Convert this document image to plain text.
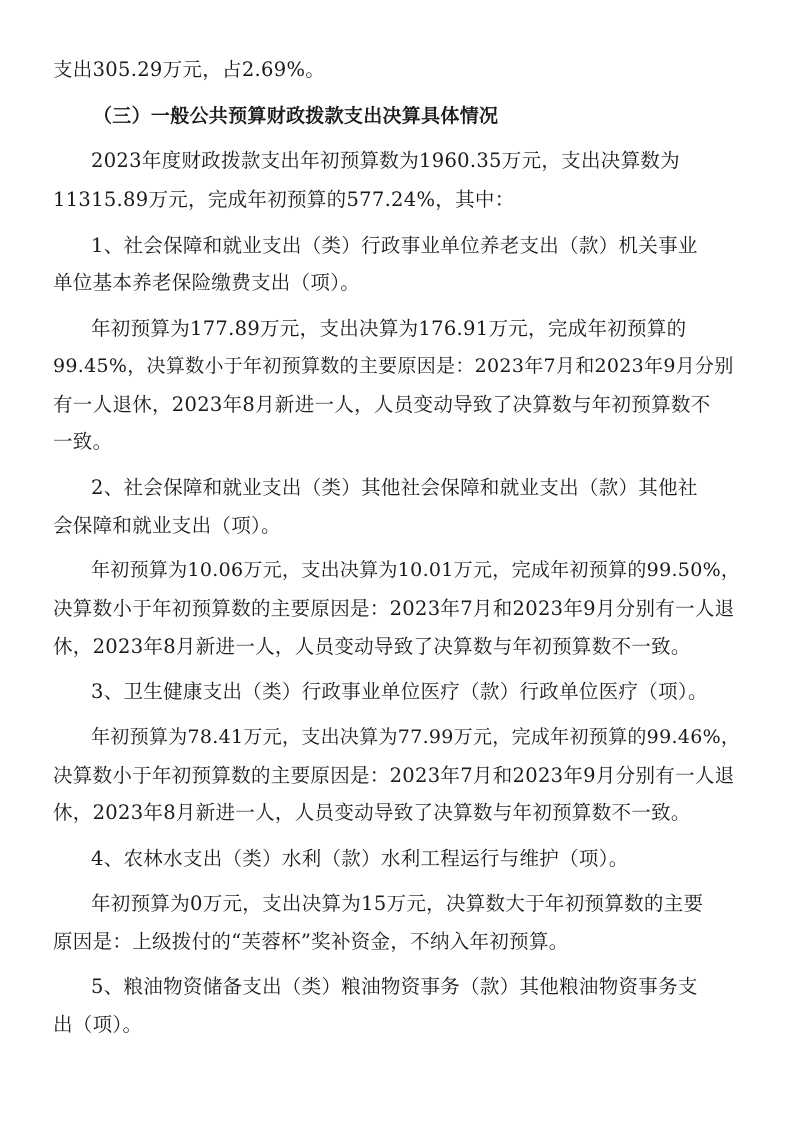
支出305.29万元，占2.69%。
（三）一般公共预算财政拨款支出决算具体情况
2023年度财政拨款支出年初预算数为1960.35万元，支出决算数为
11315.89万元，完成年初预算的577.24%，其中：
1、社会保障和就业支出（类）行政事业单位养老支出（款）机关事业
单位基本养老保险缴费支出（项）。
年初预算为177.89万元，支出决算为176.91万元，完成年初预算的
99.45%，决算数小于年初预算数的主要原因是：2023年7月和2023年9月分别
有一人退休，2023年8月新进一人，人员变动导致了决算数与年初预算数不
一致。
2、社会保障和就业支出（类）其他社会保障和就业支出（款）其他社
会保障和就业支出（项）。
年初预算为10.06万元，支出决算为10.01万元，完成年初预算的99.50%，
决算数小于年初预算数的主要原因是：2023年7月和2023年9月分别有一人退
休，2023年8月新进一人，人员变动导致了决算数与年初预算数不一致。
3、卫生健康支出（类）行政事业单位医疗（款）行政单位医疗（项）。
年初预算为78.41万元，支出决算为77.99万元，完成年初预算的99.46%，
决算数小于年初预算数的主要原因是：2023年7月和2023年9月分别有一人退
休，2023年8月新进一人，人员变动导致了决算数与年初预算数不一致。
4、农林水支出（类）水利（款）水利工程运行与维护（项）。
年初预算为0万元，支出决算为15万元，决算数大于年初预算数的主要
原因是：上级拨付的“芙蓉杯”奖补资金，不纳入年初预算。
5、粮油物资储备支出（类）粮油物资事务（款）其他粮油物资事务支
出（项）。
